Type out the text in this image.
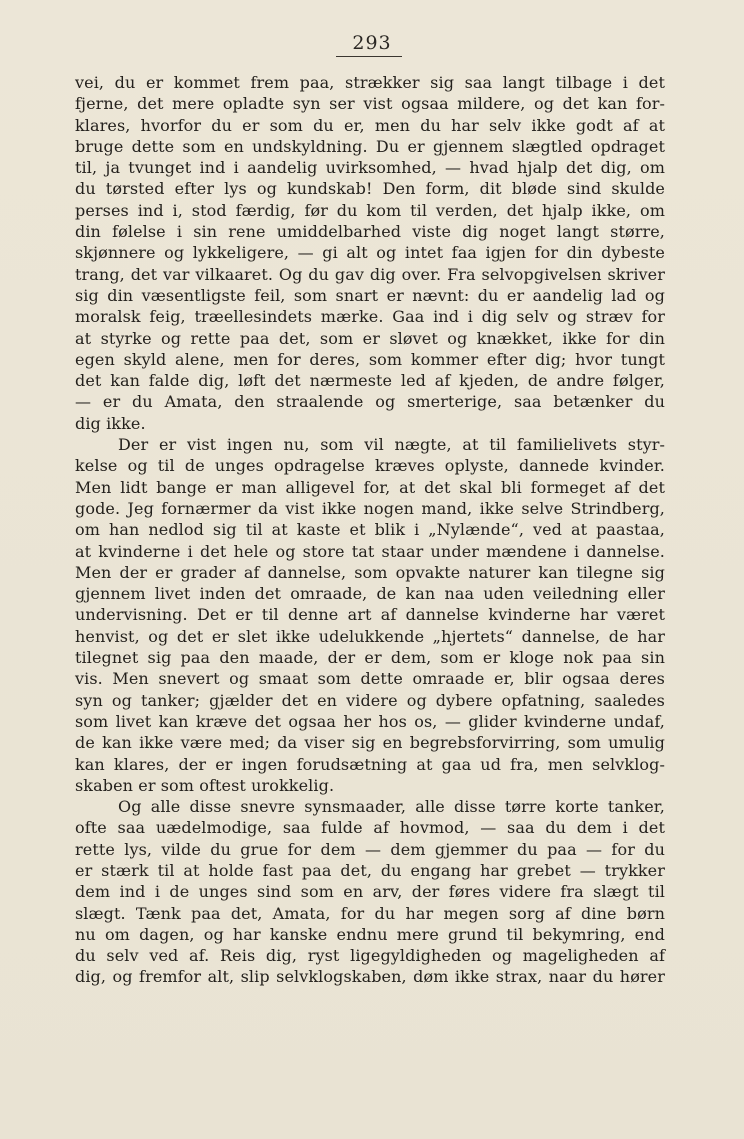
293
vei, du er kommet frem paa, strækker sig saa langt tilbage i det
fjerne, det mere opladte syn ser vist ogsaa mildere, og det kan for-
klares, hvorfor du er som du er, men du har selv ikke godt af at
bruge dette som en undskyldning. Du er gjennem slægtled opdraget
til, ja tvunget ind i aandelig uvirksomhed, — hvad hjalp det dig, om
du tørsted efter lys og kundskab! Den form, dit bløde sind skulde
perses ind i, stod færdig, før du kom til verden, det hjalp ikke, om
din følelse i sin rene umiddelbarhed viste dig noget langt større,
skjønnere og lykkeligere, — gi alt og intet faa igjen for din dybeste
trang, det var vilkaaret. Og du gav dig over. Fra selvopgivelsen skriver
sig din væsentligste feil, som snart er nævnt: du er aandelig lad og
moralsk feig, træellesindets mærke. Gaa ind i dig selv og stræv for
at styrke og rette paa det, som er sløvet og knækket, ikke for din
egen skyld alene, men for deres, som kommer efter dig; hvor tungt
det kan falde dig, løft det nærmeste led af kjeden, de andre følger,
— er du Amata, den straalende og smerterige, saa betænker du
dig ikke.
Der er vist ingen nu, som vil nægte, at til familielivets styr-
kelse og til de unges opdragelse kræves oplyste, dannede kvinder.
Men lidt bange er man alligevel for, at det skal bli formeget af det
gode. Jeg fornærmer da vist ikke nogen mand, ikke selve Strindberg,
om han nedlod sig til at kaste et blik i „Nylænde“, ved at paastaa,
at kvinderne i det hele og store tat staar under mændene i dannelse.
Men der er grader af dannelse, som opvakte naturer kan tilegne sig
gjennem livet inden det omraade, de kan naa uden veiledning eller
undervisning. Det er til denne art af dannelse kvinderne har været
henvist, og det er slet ikke udelukkende „hjertets“ dannelse, de har
tilegnet sig paa den maade, der er dem, som er kloge nok paa sin
vis. Men snevert og smaat som dette omraade er, blir ogsaa deres
syn og tanker; gjælder det en videre og dybere opfatning, saaledes
som livet kan kræve det ogsaa her hos os, — glider kvinderne undaf,
de kan ikke være med; da viser sig en begrebsforvirring, som umulig
kan klares, der er ingen forudsætning at gaa ud fra, men selvklog-
skaben er som oftest urokkelig.
Og alle disse snevre synsmaader, alle disse tørre korte tanker,
ofte saa uædelmodige, saa fulde af hovmod, — saa du dem i det
rette lys, vilde du grue for dem — dem gjemmer du paa — for du
er stærk til at holde fast paa det, du engang har grebet — trykker
dem ind i de unges sind som en arv, der føres videre fra slægt til
slægt. Tænk paa det, Amata, for du har megen sorg af dine børn
nu om dagen, og har kanske endnu mere grund til bekymring, end
du selv ved af. Reis dig, ryst ligegyldigheden og mageligheden af
dig, og fremfor alt, slip selvklogskaben, døm ikke strax, naar du hører
